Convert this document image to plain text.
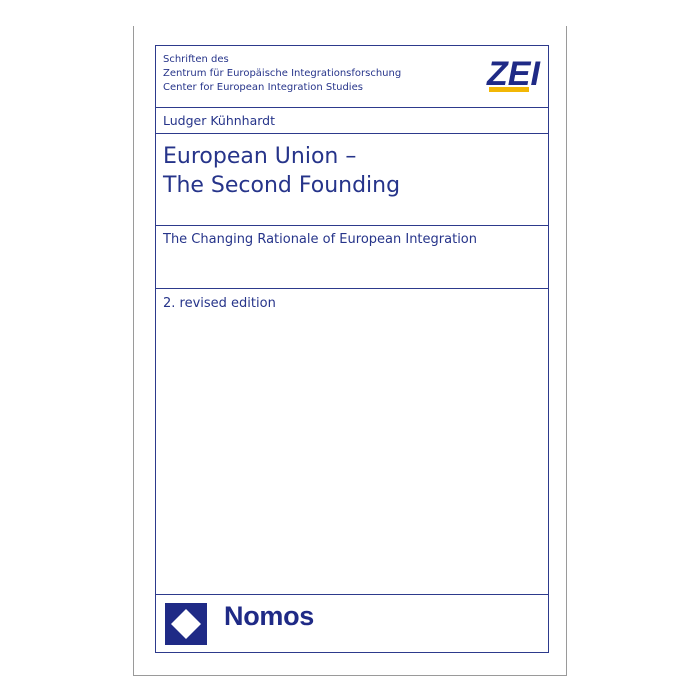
Schriften des
Zentrum für Europäische Integrationsforschung
Center for European Integration Studies	ZEI
Ludger Kühnhardt
European Union –
The Second Founding
The Changing Rationale of European Integration
2. revised edition
Nomos
